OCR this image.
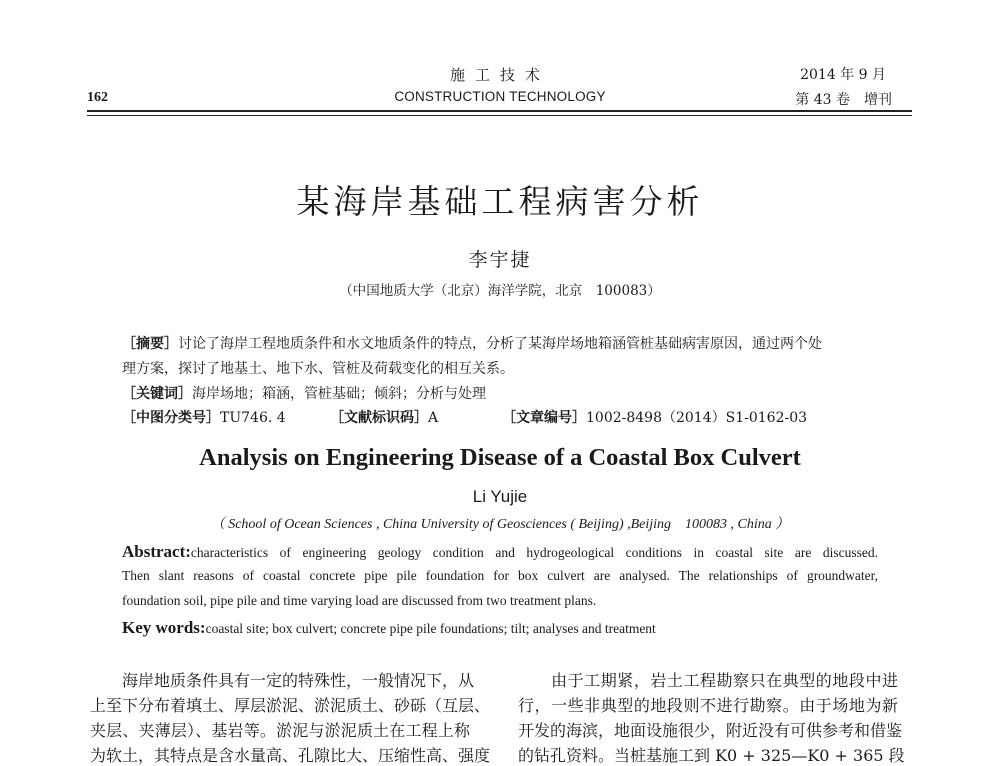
施工技术
CONSTRUCTION TECHNOLOGY
162
2014 年 9 月
第 43 卷　增刊
某海岸基础工程病害分析
李宇捷
（中国地质大学（北京）海洋学院，北京　100083）
［摘要］讨论了海岸工程地质条件和水文地质条件的特点，分析了某海岸场地箱涵管桩基础病害原因，通过两个处
理方案，探讨了地基土、地下水、管桩及荷载变化的相互关系。
［关键词］海岸场地；箱涵，管桩基础；倾斜；分析与处理
［中图分类号］TU746. 4	［文献标识码］A	［文章编号］1002-8498（2014）S1-0162-03
Analysis on Engineering Disease of a Coastal Box Culvert
Li Yujie
（ School of Ocean Sciences , China University of Geosciences ( Beijing) ,Beijing　100083 , China ）
Abstract:characteristics of engineering geology condition and hydrogeological conditions in coastal site are discussed.
Then slant reasons of coastal concrete pipe pile foundation for box culvert are analysed. The relationships of groundwater,
foundation soil, pipe pile and time varying load are discussed from two treatment plans.
Key words:coastal site; box culvert; concrete pipe pile foundations; tilt; analyses and treatment
　　海岸地质条件具有一定的特殊性，一般情况下，从
上至下分布着填土、厚层淤泥、淤泥质土、砂砾（互层、
夹层、夹薄层）、基岩等。淤泥与淤泥质土在工程上称
为软土，其特点是含水量高、孔隙比大、压缩性高、强度
　　由于工期紧，岩土工程勘察只在典型的地段中进
行，一些非典型的地段则不进行勘察。由于场地为新
开发的海滨，地面设施很少，附近没有可供参考和借鉴
的钻孔资料。当桩基施工到 K0 + 325—K0 + 365 段
